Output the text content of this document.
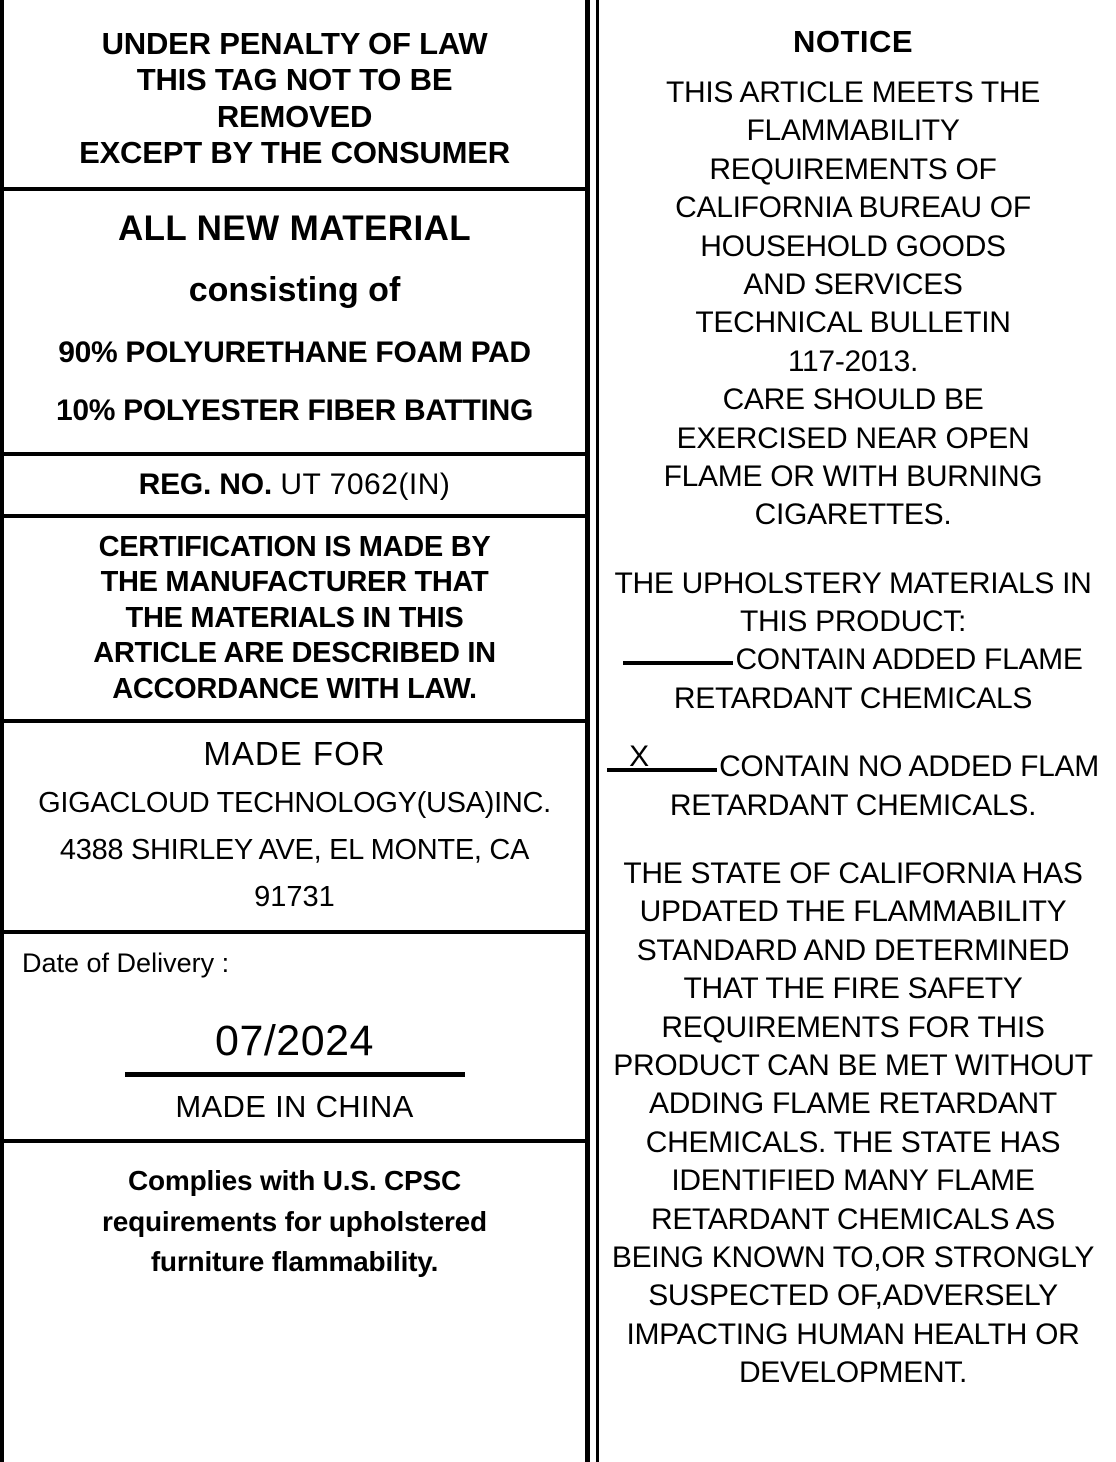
UNDER PENALTY OF LAW
THIS TAG NOT TO BE
REMOVED
EXCEPT BY THE CONSUMER
ALL NEW MATERIAL
consisting of
90% POLYURETHANE FOAM PAD
10% POLYESTER FIBER BATTING
REG. NO. UT 7062(IN)
CERTIFICATION IS MADE BY
THE MANUFACTURER THAT
THE MATERIALS IN THIS
ARTICLE ARE DESCRIBED IN
ACCORDANCE WITH LAW.
MADE FOR
GIGACLOUD TECHNOLOGY(USA)INC.
4388 SHIRLEY AVE, EL MONTE, CA
91731
Date of Delivery :
07/2024
MADE IN CHINA
Complies with U.S. CPSC
requirements for upholstered
furniture flammability.
NOTICE
THIS ARTICLE MEETS THE
FLAMMABILITY
REQUIREMENTS OF
CALIFORNIA BUREAU OF
HOUSEHOLD GOODS
AND SERVICES
TECHNICAL BULLETIN
117-2013.
CARE SHOULD BE
EXERCISED NEAR OPEN
FLAME OR WITH BURNING
CIGARETTES.
THE UPHOLSTERY MATERIALS IN
THIS PRODUCT:
CONTAIN ADDED FLAME
RETARDANT CHEMICALS
X CONTAIN NO ADDED FLAM
RETARDANT CHEMICALS.
THE STATE OF CALIFORNIA HAS
UPDATED THE FLAMMABILITY
STANDARD AND DETERMINED
THAT THE FIRE SAFETY
REQUIREMENTS FOR THIS
PRODUCT CAN BE MET WITHOUT
ADDING FLAME RETARDANT
CHEMICALS. THE STATE HAS
IDENTIFIED MANY FLAME
RETARDANT CHEMICALS AS
BEING KNOWN TO,OR STRONGLY
SUSPECTED OF,ADVERSELY
IMPACTING HUMAN HEALTH OR
DEVELOPMENT.
